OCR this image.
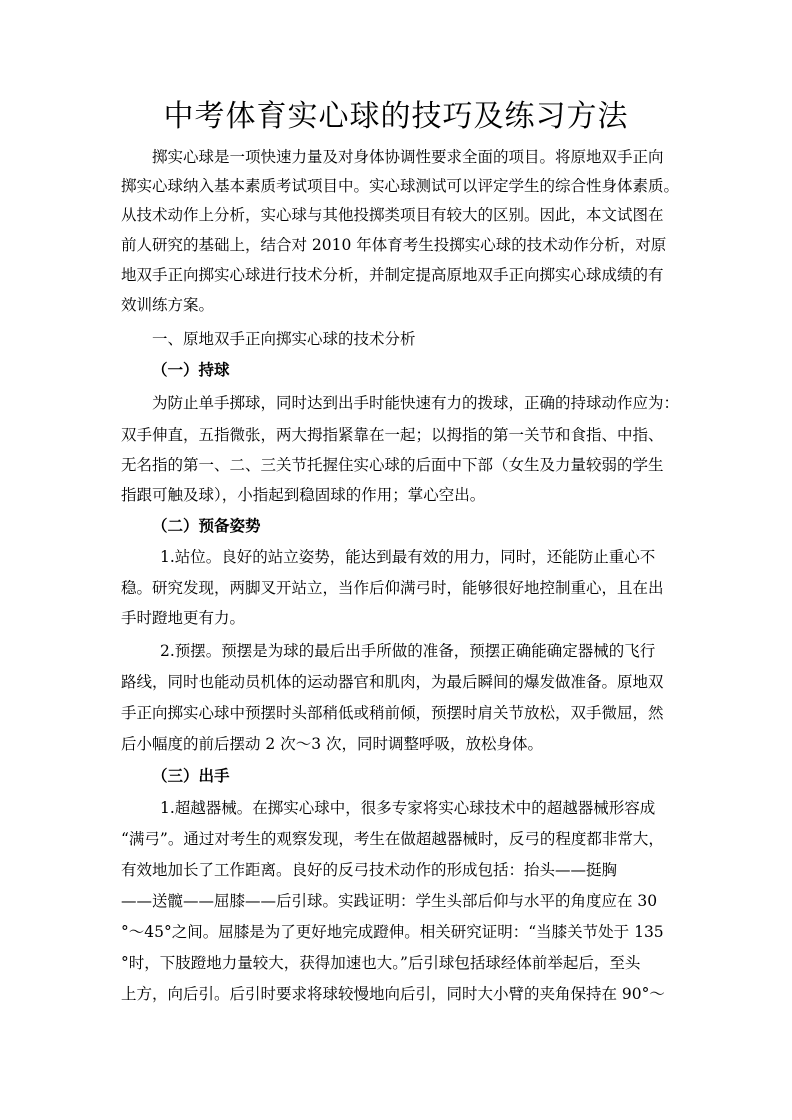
中考体育实心球的技巧及练习方法
掷实心球是一项快速力量及对身体协调性要求全面的项目。将原地双手正向
掷实心球纳入基本素质考试项目中。实心球测试可以评定学生的综合性身体素质。
从技术动作上分析，实心球与其他投掷类项目有较大的区别。因此，本文试图在
前人研究的基础上，结合对 2010 年体育考生投掷实心球的技术动作分析，对原
地双手正向掷实心球进行技术分析，并制定提高原地双手正向掷实心球成绩的有
效训练方案。
一、原地双手正向掷实心球的技术分析
（一）持球
为防止单手掷球，同时达到出手时能快速有力的拨球，正确的持球动作应为：
双手伸直，五指微张，两大拇指紧靠在一起；以拇指的第一关节和食指、中指、
无名指的第一、二、三关节托握住实心球的后面中下部（女生及力量较弱的学生
指跟可触及球），小指起到稳固球的作用；掌心空出。
（二）预备姿势
1.站位。良好的站立姿势，能达到最有效的用力，同时，还能防止重心不
稳。研究发现，两脚叉开站立，当作后仰满弓时，能够很好地控制重心，且在出
手时蹬地更有力。
2.预摆。预摆是为球的最后出手所做的准备，预摆正确能确定器械的飞行
路线，同时也能动员机体的运动器官和肌肉，为最后瞬间的爆发做准备。原地双
手正向掷实心球中预摆时头部稍低或稍前倾，预摆时肩关节放松，双手微屈，然
后小幅度的前后摆动 2 次～3 次，同时调整呼吸，放松身体。
（三）出手
1.超越器械。在掷实心球中，很多专家将实心球技术中的超越器械形容成
“满弓”。通过对考生的观察发现，考生在做超越器械时，反弓的程度都非常大，
有效地加长了工作距离。良好的反弓技术动作的形成包括：抬头——挺胸
——送髋——屈膝——后引球。实践证明：学生头部后仰与水平的角度应在 30
°～45°之间。屈膝是为了更好地完成蹬伸。相关研究证明：“当膝关节处于 135
°时，下肢蹬地力量较大，获得加速也大。”后引球包括球经体前举起后，至头
上方，向后引。后引时要求将球较慢地向后引，同时大小臂的夹角保持在 90°～
